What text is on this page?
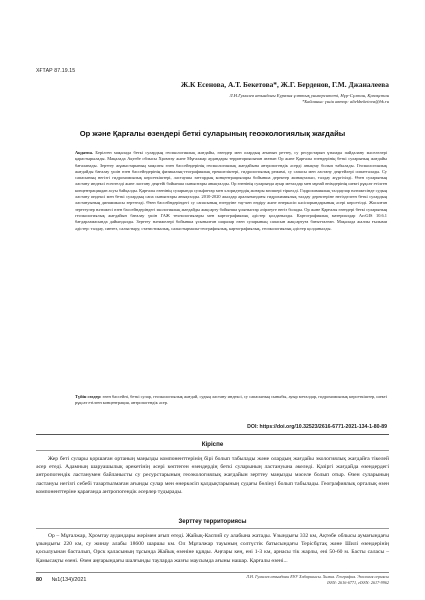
ХҒТАР 87.19.15
Ж.К Есенова, А.Т. Бекетова*, Ж.Г. Берденов, Г.М. Джаналеева
Л.Н.Гумилев атындағы Еуразия ұлттық университеті, Нұр-Сұлтан, Қазақстан
*Байланыс үшін автор: altekbeketova@bk.ru
Ор және Қарғалы өзендері беткі суларының геоэкологиялық жағдайы
Аңдатпа. Берілген мақалада беткі сулардың геоэкологиялық жағдайы, өзендер мен олардың ағынын реттеу, су ресурстарын ұтымды пайдалану мәселелері қарастырылады. Мақалада Ақтөбе облысы Хромтау және Мұғалжар аудандары территориясынан ағатын Ор және Қарғалы өзендерінің беткі суларының жағдайы бағаланады. Зерттеу жұмыстарының мақсаты өзен бассейндерінің геоэкологиялық жағдайына антропогендік әсерді анықтау болып табылады. Геоэкологиялық жағдайды бағалау үшін өзен бассейндерінің физикалық-географиялық ерекшеліктері, гидрологиялық режимі, су сапасы мен ластану деңгейлері сипатталады. Су сапасының негізгі гидрохимиялық көрсеткіштері, ластаушы заттардың концентрациялары бойынша деректер жинақталып, талдау жүргізілді. Өзен суларының ластану индексі есептелді және ластану деңгейі бойынша сыныптары анықталды. Ор өзенінің суларында ауыр металдар мен мұнай өнімдерінің шекті рұқсат етілген концентрациядан асуы байқалды. Қарғалы өзенінің суларында сульфаттар мен хлоридтердің жоғары мөлшері тіркелді. Гидрохимиялық талдаулар нәтижесінде судың ластану индексі мен беткі сулардың сапа сыныптары анықталды. 2010-2020 жылдар аралығындағы гидрохимиялық талдау деректеріне негізделген беткі сулардың ластануының динамикасы зерттелді. Өзен бассейндеріндегі су сапасының өзгеруіне тау-кен өндіру және өнеркәсіп кәсіпорындарының әсері көрсетілді. Жасалған зерттеулер нәтижесі өзен бассейндеріндегі экологиялық жағдайды жақсарту бойынша ұсыныстар әзірлеуге негіз болады. Ор және Қарғалы өзендері беткі суларының геоэкологиялық жағдайын бағалау үшін ГАЖ технологиялары мен картографиялық әдістер қолданылды. Картографиялық материалдар ArcGIS 10.6.1 бағдарламасында дайындалды. Зерттеу нәтижелері бойынша ұсынылған шаралар өзен суларының сапасын жақсартуға бағытталған. Мақалада жалпы ғылыми әдістер: талдау, синтез, салыстыру, статистикалық, салыстырмалы-географиялық, картографиялық, геоэкологиялық әдістер қолданылды.
Түйін сөздер: өзен бассейні, беткі сулар, геоэкологиялық жағдай, судың ластану индексі, су сапасының сыныбы, ауыр металдар, гидрохимиялық көрсеткіштер, шекті рұқсат етілген концентрация, антропогендік әсер.
DOI: https://doi.org/10.32523/2616-6771-2021-134-1-80-89
Кіріспе
Жер беті сулары қоршаған ортаның маңызды компоненттерінің бірі болып табылады және олардың жағдайы экологиялық жағдайға тікелей әсер етеді. Адамның шаруашылық әрекетінің әсері көптеген өзендердің беткі суларының ластануына әкеледі. Қазіргі жағдайда өзендердегі антропогендік ластанумен байланысты су ресурстарының геоэкологиялық жағдайын зерттеу маңызды мәселе болып отыр. Өзен суларының ластануы негізгі себебі тазартылмаған ағынды сулар мен өнеркәсіп қалдықтарының судағы бөлінуі болып табылады. Географиялық орталық өзен компоненттеріне қарағанда антропогендік әсерлер тудырады.
Зерттеу территориясы
Ор – Мұғалжар, Хромтау аудандары жерімен ағып өтеді. Жайық-Каспий су алабына жатады. Ұзындығы 332 км, Ақтөбе облысы аумағындағы ұзындығы 220 км, су жинау алабы 18600 шаршы км. Ол Мұғалжар тауының солтүстік батысындағы Терісбұтақ және Шилі өзендерінің қосылуынан басталып, Орск қаласының тұсында Жайық өзеніне құяды. Аңғары кең, ені 1-3 км, арнасы тік жарлы, ені 50-60 м. Басты саласы – Қамысақты өзені. Өзен аңғарындағы шалғынды тауларда жазғы маусымда ағыны нашар. Қарғалы өзені...
80 №1(134)/2021
Л.Н. Гумилев атындағы ЕҰУ Хабаршысы. Химия. География. Экология сериясы
ISSN: 2616-6771, eISSN: 2617-9962
